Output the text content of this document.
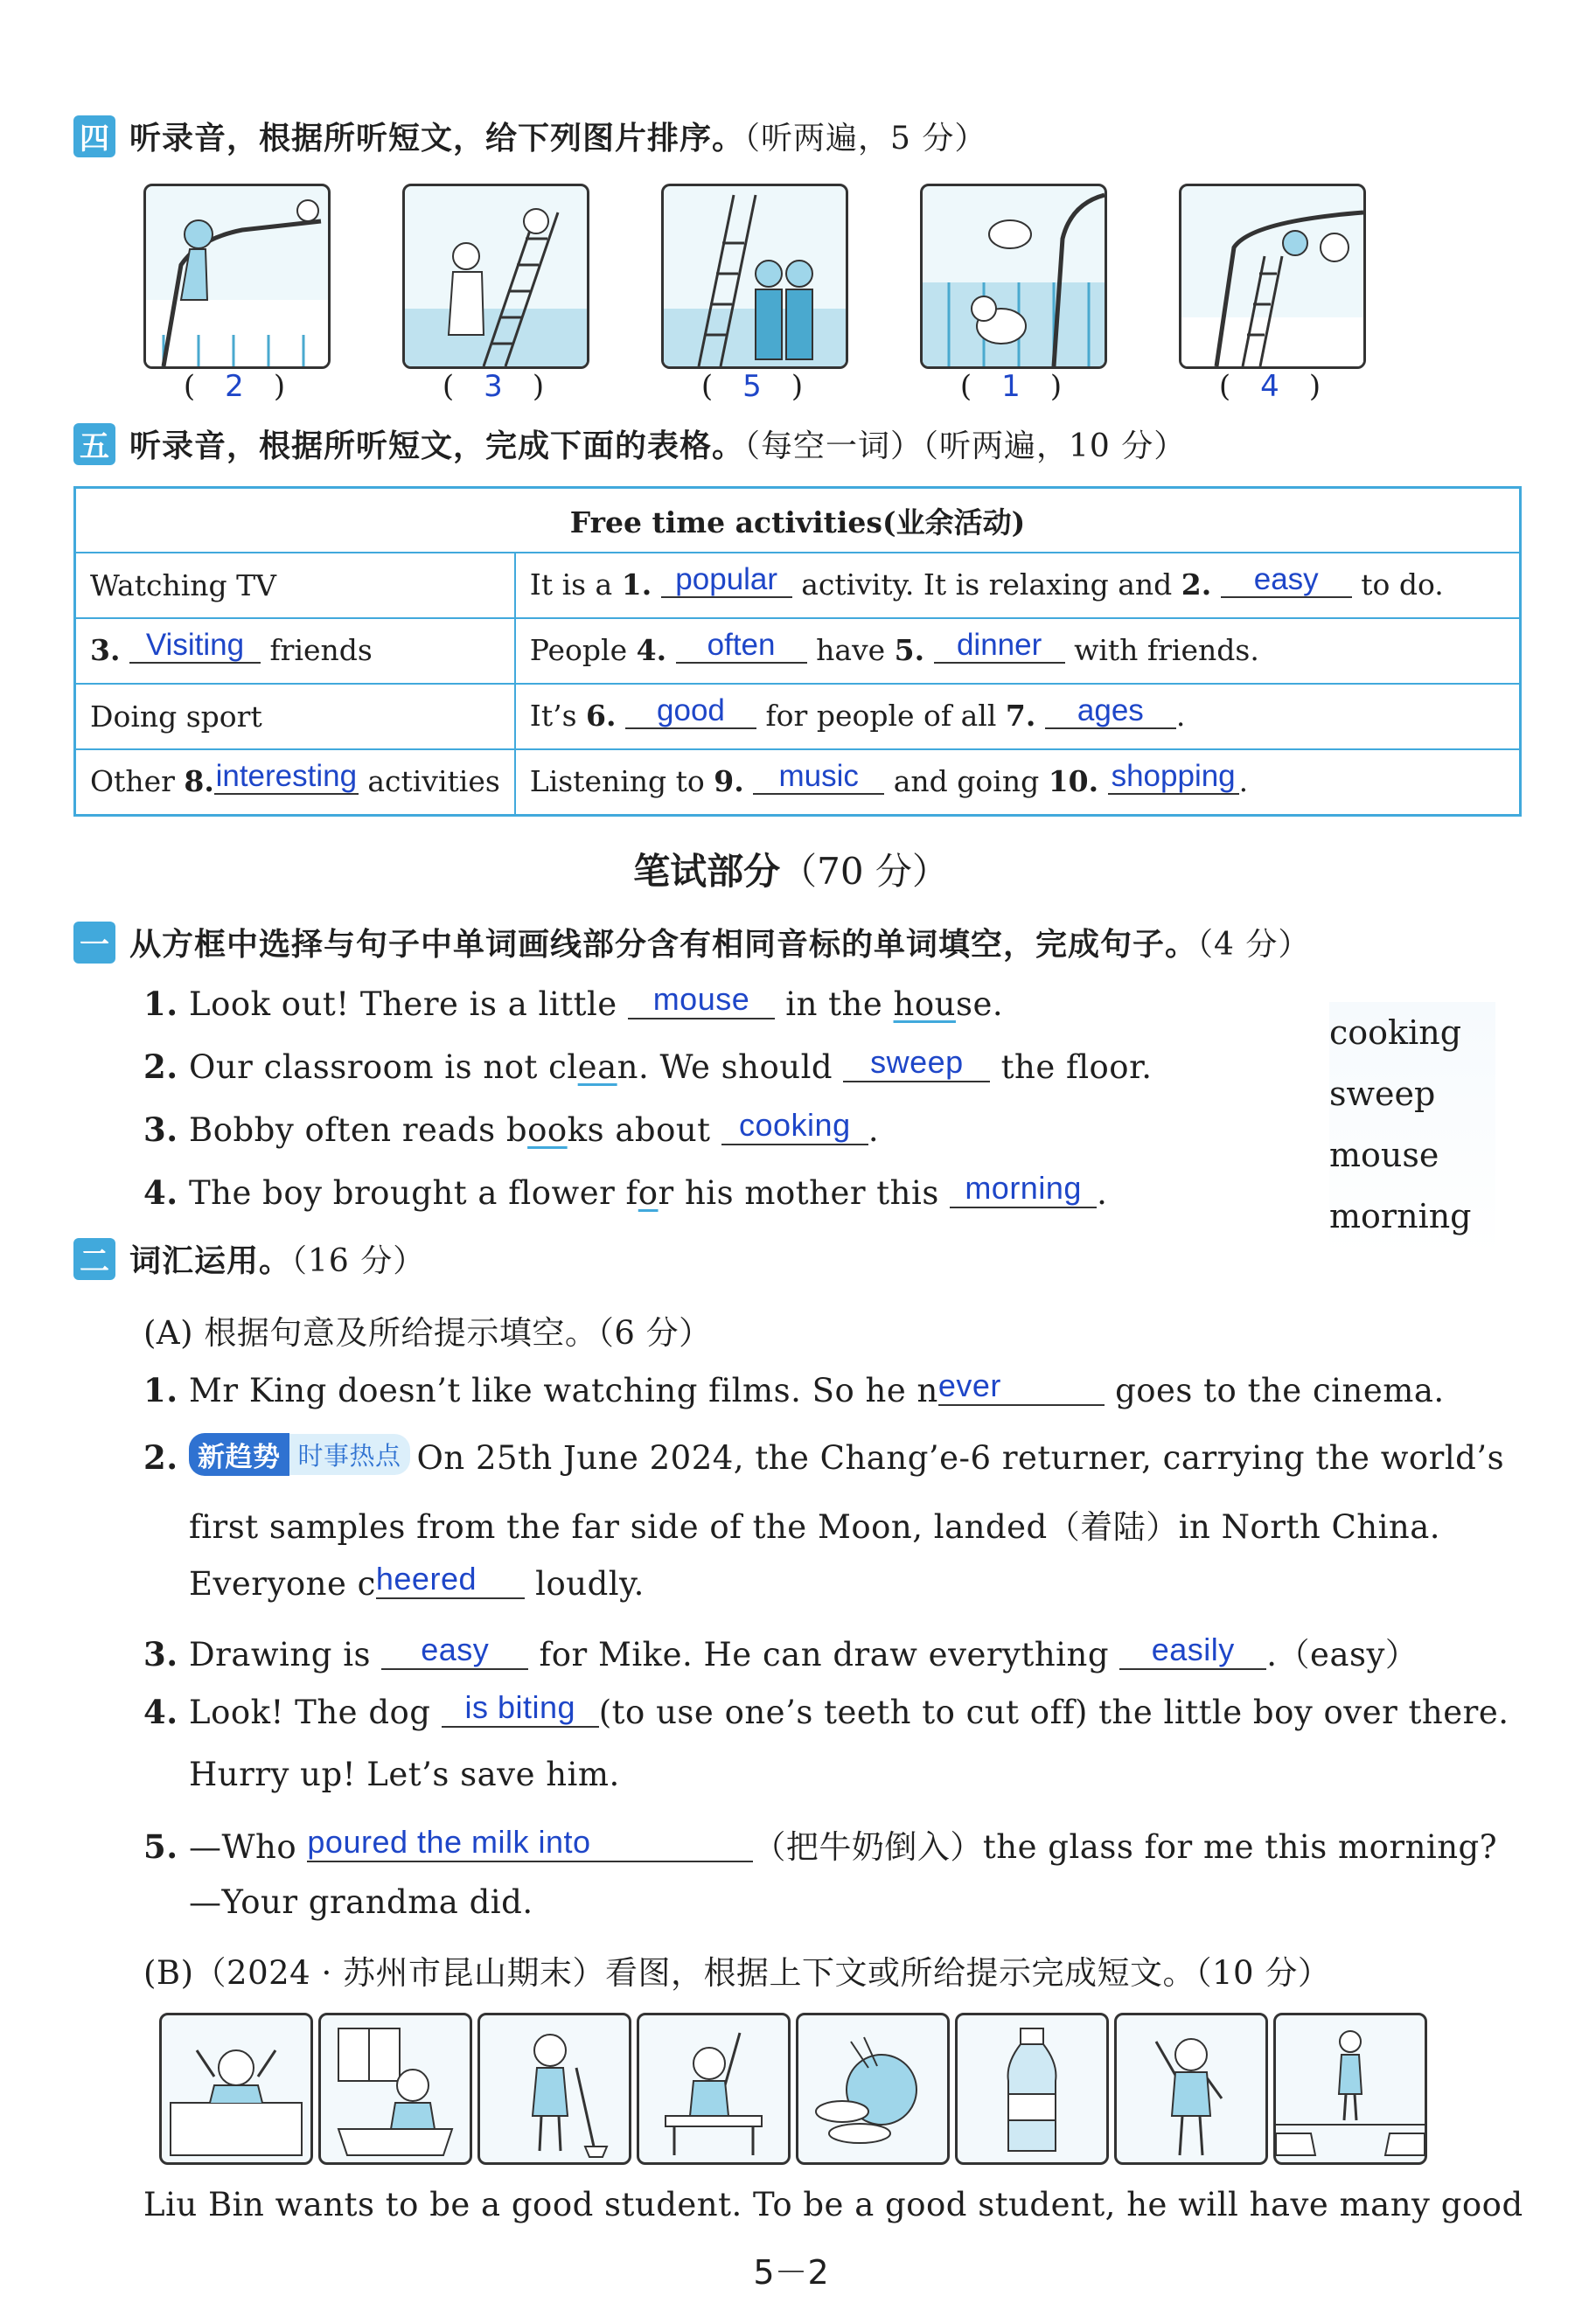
四 听录音，根据所听短文，给下列图片排序。（听两遍，5 分）
( 2 )	( 3 )	( 5 )	( 1 )	( 4 )
五 听录音，根据所听短文，完成下面的表格。（每空一词）（听两遍，10 分）
Free time activities(业余活动)	
Watching TV	It is a 1. popular activity. It is relaxing and 2. easy to do.
3. Visiting friends	People 4. often have 5. dinner with friends.
Doing sport	It’s 6. good for people of all 7. ages .
Other 8.interesting activities	Listening to 9. music and going 10. shopping .
笔试部分（70 分）
一 从方框中选择与句子中单词画线部分含有相同音标的单词填空，完成句子。（4 分）
1. Look out! There is a little mouse in the house.
2. Our classroom is not clean. We should sweep the floor.
3. Bobby often reads books about cooking .
4. The boy brought a flower for his mother this morning .
cooking
sweep
mouse
morning
二 词汇运用。（16 分）
(A) 根据句意及所给提示填空。（6 分）
1. Mr King doesn’t like watching films. So he never	goes to the cinema.
2. 新趋势 时事热点 On 25th June 2024, the Chang’e-6 returner, carrying the world’s
first samples from the far side of the Moon, landed（着陆）in North China.
Everyone cheered loudly.
3. Drawing is easy for Mike. He can draw everything easily .（easy）
4. Look! The dog is biting (to use one’s teeth to cut off) the little boy over there.
Hurry up! Let’s save him.
5. —Who poured the milk into	（把牛奶倒入）the glass for me this morning?
—Your grandma did.
(B)（2024 · 苏州市昆山期末）看图，根据上下文或所给提示完成短文。（10 分）
Liu Bin wants to be a good student. To be a good student, he will have many good
5－2
